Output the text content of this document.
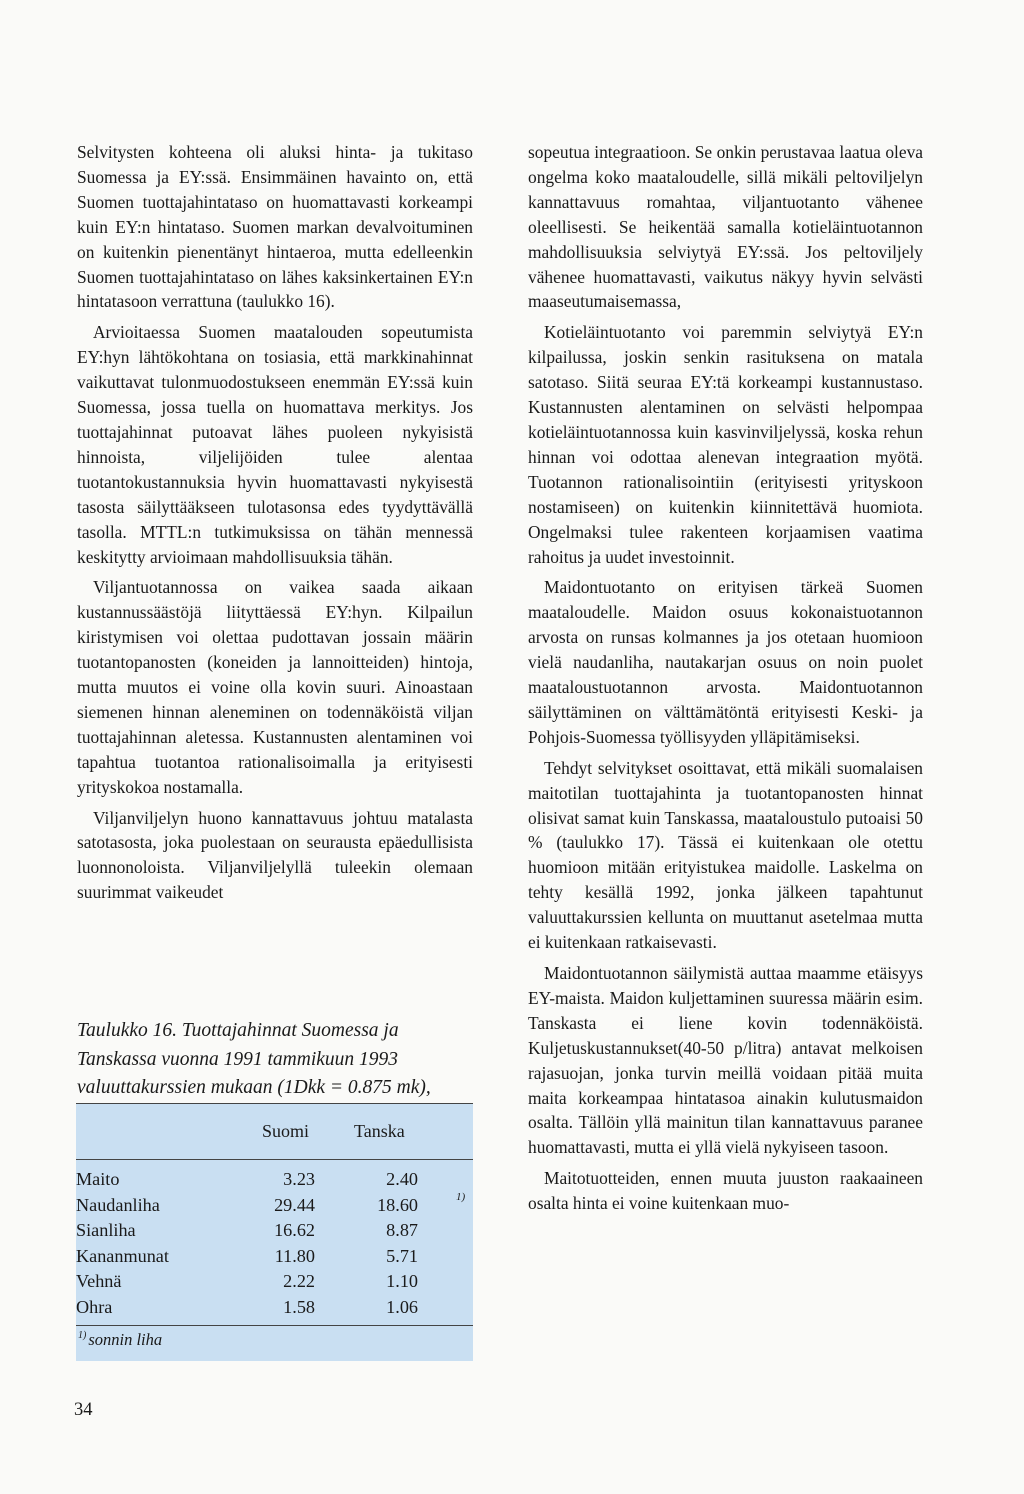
Selvitysten kohteena oli aluksi hinta- ja tukitaso Suomessa ja EY:ssä. Ensimmäinen havainto on, että Suomen tuottajahintataso on huomattavasti korkeampi kuin EY:n hintataso. Suomen markan devalvoituminen on kuitenkin pienentänyt hintaeroa, mutta edelleenkin Suomen tuottajahintataso on lähes kaksinkertainen EY:n hintatasoon verrattuna (taulukko 16).

Arvioitaessa Suomen maatalouden sopeutumista EY:hyn lähtökohtana on tosiasia, että markkinahinnat vaikuttavat tulonmuodostukseen enemmän EY:ssä kuin Suomessa, jossa tuella on huomattava merkitys. Jos tuottajahinnat putoavat lähes puoleen nykyisistä hinnoista, viljelijöiden tulee alentaa tuotantokustannuksia hyvin huomattavasti nykyisestä tasosta säilyttääkseen tulotasonsa edes tyydyttävällä tasolla. MTTL:n tutkimuksissa on tähän mennessä keskitytty arvioimaan mahdollisuuksia tähän.

Viljantuotannossa on vaikea saada aikaan kustannussäästöjä liityttäessä EY:hyn. Kilpailun kiristymisen voi olettaa pudottavan jossain määrin tuotantopanosten (koneiden ja lannoitteiden) hintoja, mutta muutos ei voine olla kovin suuri. Ainoastaan siemenen hinnan aleneminen on todennäköistä viljan tuottajahinnan aletessa. Kustannusten alentaminen voi tapahtua tuotantoa rationalisoimalla ja erityisesti yrityskokoa nostamalla.

Viljanviljelyn huono kannattavuus johtuu matalasta satotasosta, joka puolestaan on seurausta epäedullisista luonnonoloista. Viljanviljelyllä tuleekin olemaan suurimmat vaikeudet

sopeutua integraatioon. Se onkin perustavaa laatua oleva ongelma koko maataloudelle, sillä mikäli peltoviljelyn kannattavuus romahtaa, viljantuotanto vähenee oleellisesti. Se heikentää samalla kotieläintuotannon mahdollisuuksia selviytyä EY:ssä. Jos peltoviljely vähenee huomattavasti, vaikutus näkyy hyvin selvästi maaseutumaisemassa,

Kotieläintuotanto voi paremmin selviytyä EY:n kilpailussa, joskin senkin rasituksena on matala satotaso. Siitä seuraa EY:tä korkeampi kustannustaso. Kustannusten alentaminen on selvästi helpompaa kotieläintuotannossa kuin kasvinviljelyssä, koska rehun hinnan voi odottaa alenevan integraation myötä. Tuotannon rationalisointiin (erityisesti yrityskoon nostamiseen) on kuitenkin kiinnitettävä huomiota. Ongelmaksi tulee rakenteen korjaamisen vaatima rahoitus ja uudet investoinnit.

Maidontuotanto on erityisen tärkeä Suomen maataloudelle. Maidon osuus kokonaistuotannon arvosta on runsas kolmannes ja jos otetaan huomioon vielä naudanliha, nautakarjan osuus on noin puolet maataloustuotannon arvosta. Maidontuotannon säilyttäminen on välttämätöntä erityisesti Keski- ja Pohjois-Suomessa työllisyyden ylläpitämiseksi.

Tehdyt selvitykset osoittavat, että mikäli suomalaisen maitotilan tuottajahinta ja tuotantopanosten hinnat olisivat samat kuin Tanskassa, maataloustulo putoaisi 50 % (taulukko 17). Tässä ei kuitenkaan ole otettu huomioon mitään erityistukea maidolle. Laskelma on tehty kesällä 1992, jonka jälkeen tapahtunut valuuttakurssien kellunta on muuttanut asetelmaa mutta ei kuitenkaan ratkaisevasti.

Maidontuotannon säilymistä auttaa maamme etäisyys EY-maista. Maidon kuljettaminen suuressa määrin esim. Tanskasta ei liene kovin todennäköistä. Kuljetuskustannukset(40-50 p/litra) antavat melkoisen rajasuojan, jonka turvin meillä voidaan pitää muita maita korkeampaa hintatasoa ainakin kulutusmaidon osalta. Tällöin yllä mainitun tilan kannattavuus paranee huomattavasti, mutta ei yllä vielä nykyiseen tasoon.

Maitotuotteiden, ennen muuta juuston raakaaineen osalta hinta ei voine kuitenkaan muo-

Taulukko 16. Tuottajahinnat Suomessa ja Tanskassa vuonna 1991 tammikuun 1993 valuuttakurssien mukaan (1Dkk = 0.875 mk),
Suomi Tanska
Maito	3.23	2.40
Naudanliha	29.44	18.60	1)
Sianliha	16.62	8.87
Kananmunat	11.80	5.71
Vehnä	2.22	1.10
Ohra	1.58	1.06
$^{1)}$ sonnin liha
34
